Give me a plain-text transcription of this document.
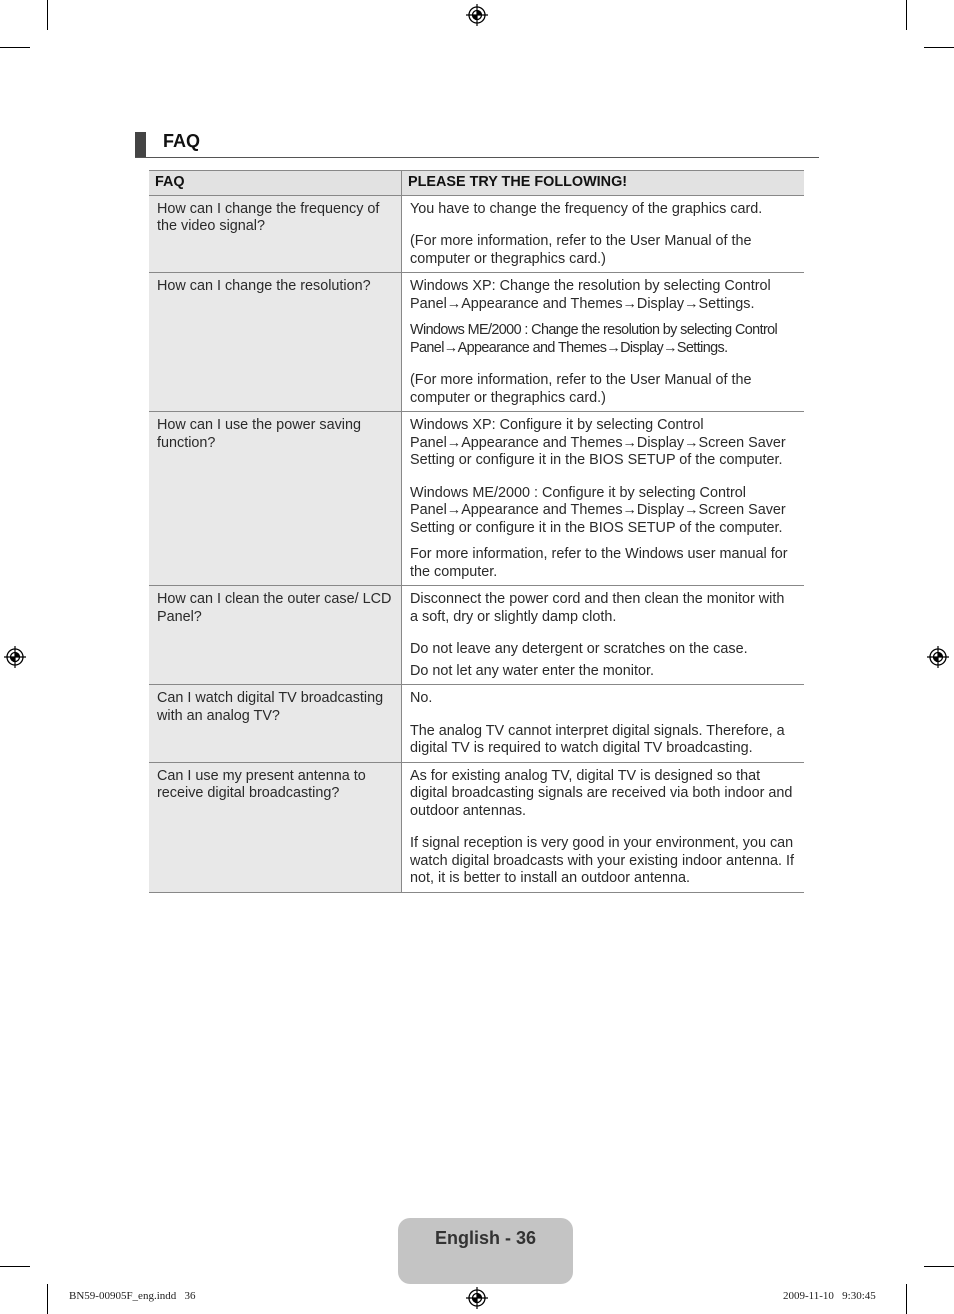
FAQ
FAQ	PLEASE TRY THE FOLLOWING!
How can I change the frequency of the video signal?	You have to change the frequency of the graphics card.

(For more information, refer to the User Manual of the computer or thegraphics card.)

How can I change the resolution?	Windows XP: Change the resolution by selecting Control Panel→Appearance and Themes→Display→Settings.

Windows ME/2000 : Change the resolution by selecting Control Panel→Appearance and Themes→Display→Settings.

(For more information, refer to the User Manual of the computer or thegraphics card.)

How can I use the power saving function?	Windows XP: Configure it by selecting Control Panel→Appearance and Themes→Display→Screen Saver Setting or configure it in the BIOS SETUP of the computer.

Windows ME/2000 : Configure it by selecting Control Panel→Appearance and Themes→Display→Screen Saver Setting or configure it in the BIOS SETUP of the computer.

For more information, refer to the Windows user manual for the computer.

How can I clean the outer case/ LCD Panel?	Disconnect the power cord and then clean the monitor with a soft, dry or slightly damp cloth.

Do not leave any detergent or scratches on the case.

Do not let any water enter the monitor.

Can I watch digital TV broadcasting with an analog TV?	No.

The analog TV cannot interpret digital signals. Therefore, a digital TV is required to watch digital TV broadcasting.

Can I use my present antenna to receive digital broadcasting?	As for existing analog TV, digital TV is designed so that digital broadcasting signals are received via both indoor and outdoor antennas.

If signal reception is very good in your environment, you can watch digital broadcasts with your existing indoor antenna. If not, it is better to install an outdoor antenna.

English - 36
BN59-00905F_eng.indd   36	2009-11-10   9:30:45
